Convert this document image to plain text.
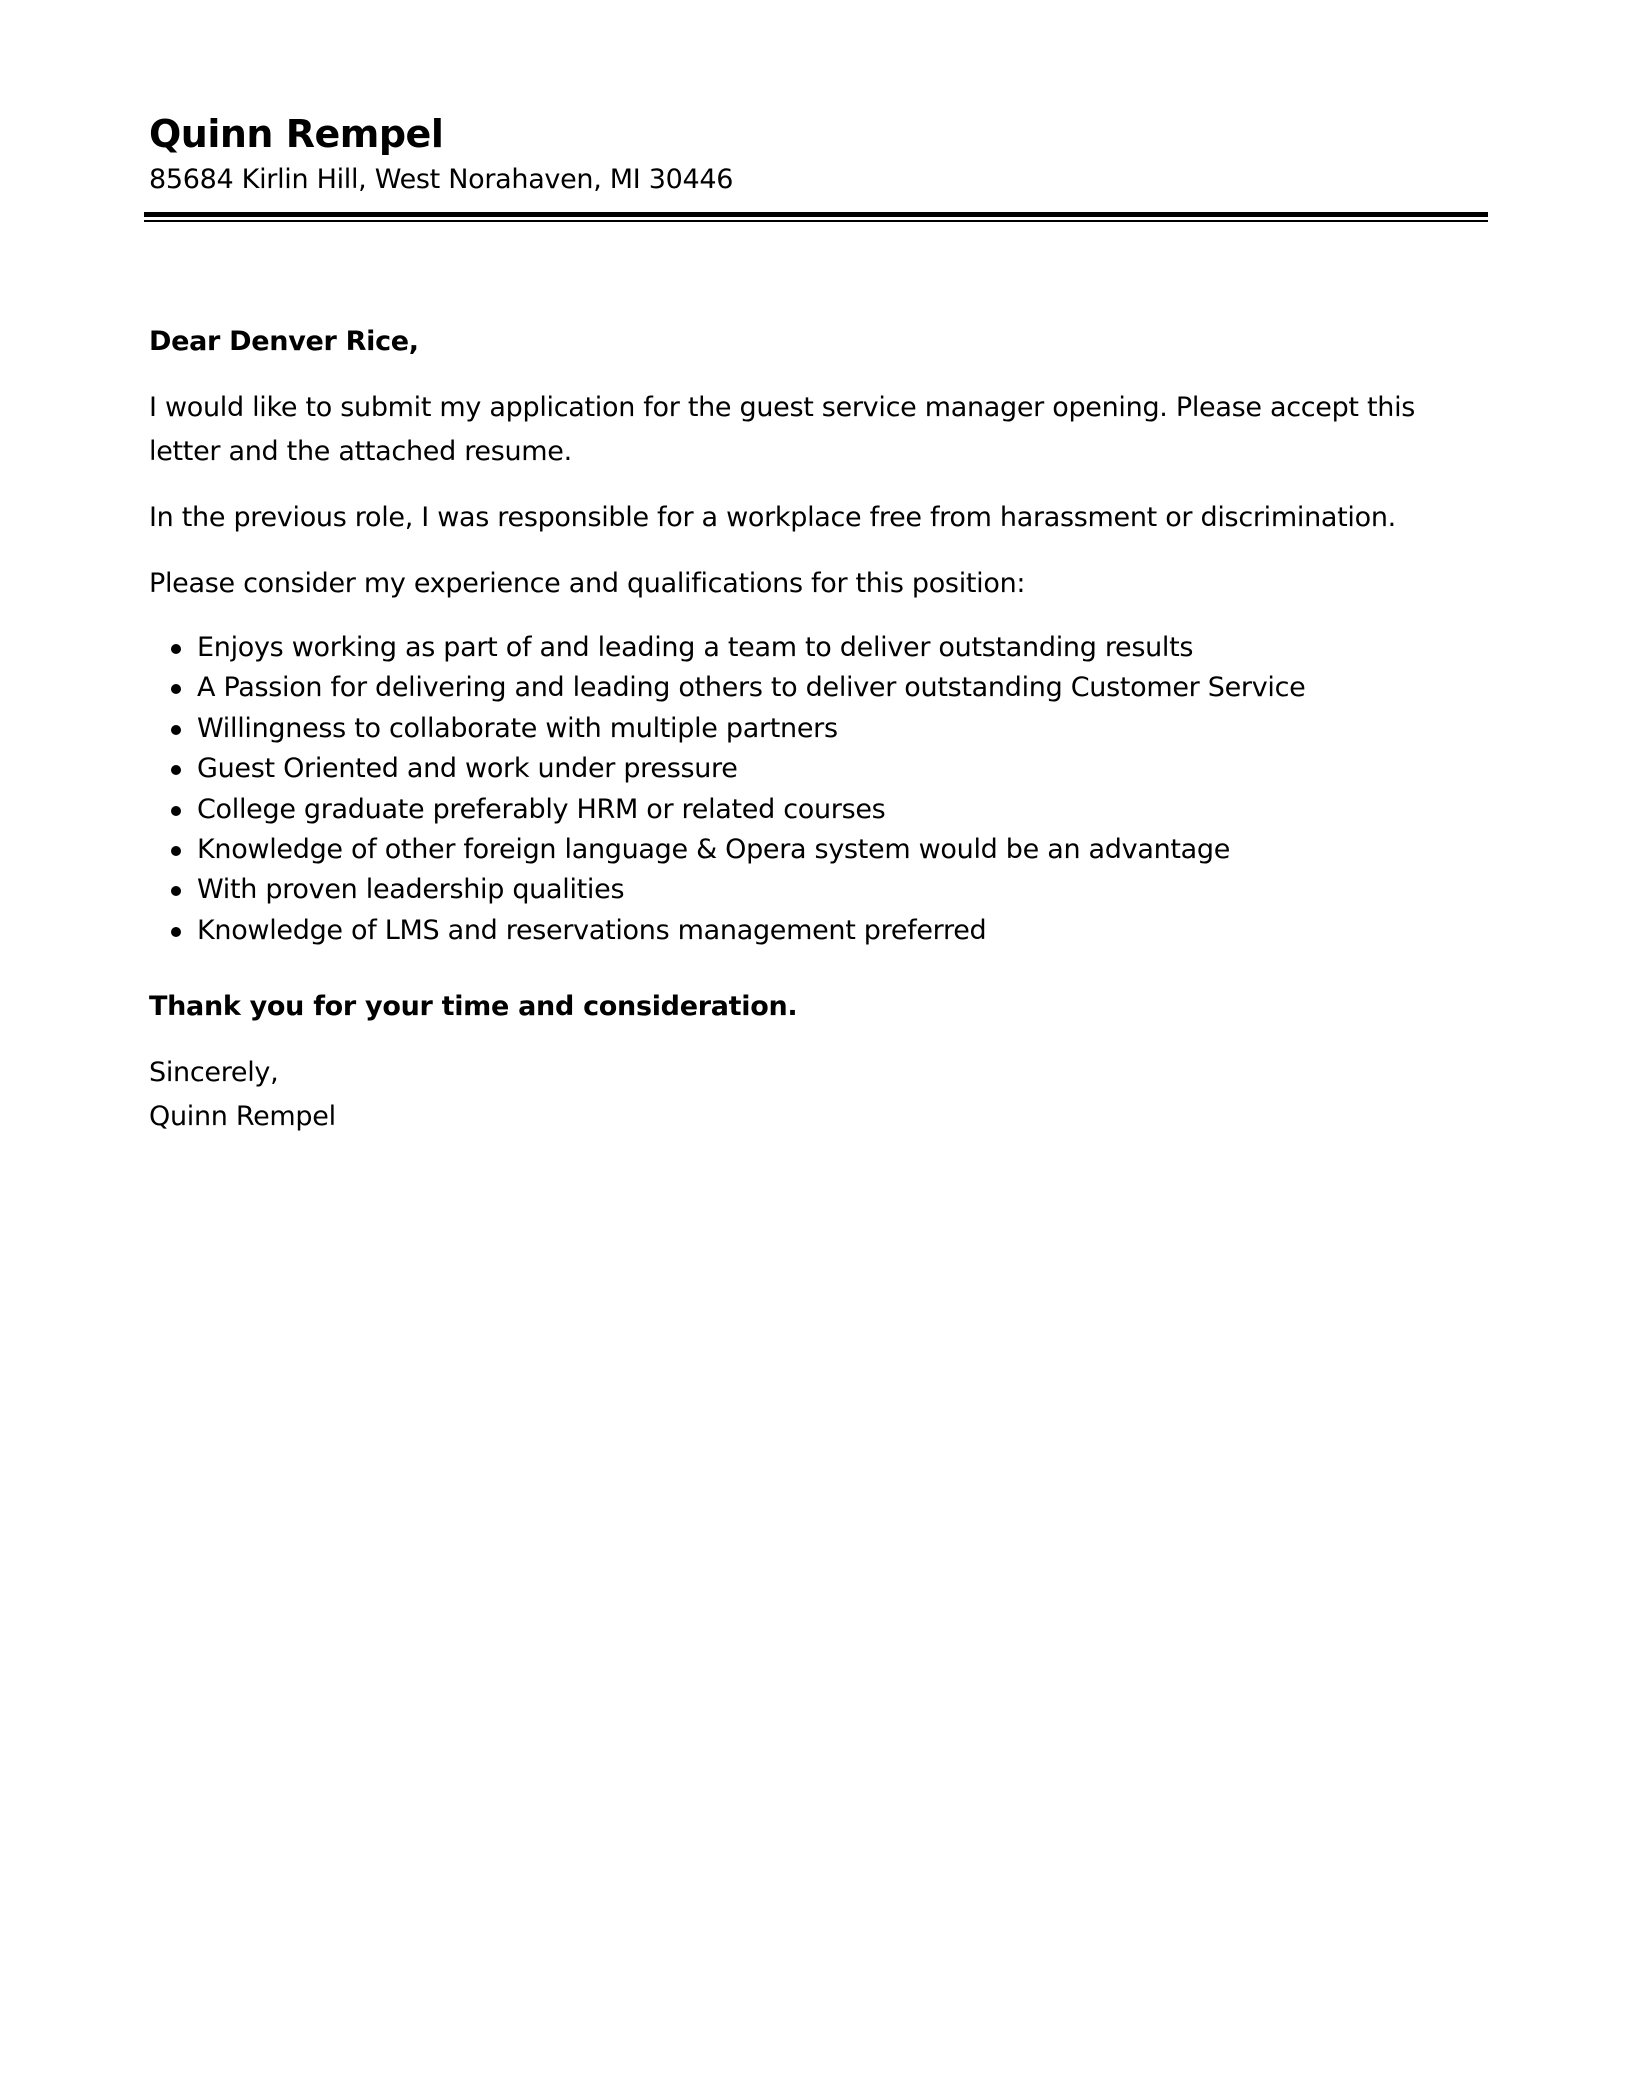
Quinn Rempel

85684 Kirlin Hill, West Norahaven, MI 30446

Dear Denver Rice,

I would like to submit my application for the guest service manager opening. Please accept this letter and the attached resume.

In the previous role, I was responsible for a workplace free from harassment or discrimination.

Please consider my experience and qualifications for this position:

Enjoys working as part of and leading a team to deliver outstanding results
A Passion for delivering and leading others to deliver outstanding Customer Service
Willingness to collaborate with multiple partners
Guest Oriented and work under pressure
College graduate preferably HRM or related courses
Knowledge of other foreign language & Opera system would be an advantage
With proven leadership qualities
Knowledge of LMS and reservations management preferred

Thank you for your time and consideration.

Sincerely,

Quinn Rempel
